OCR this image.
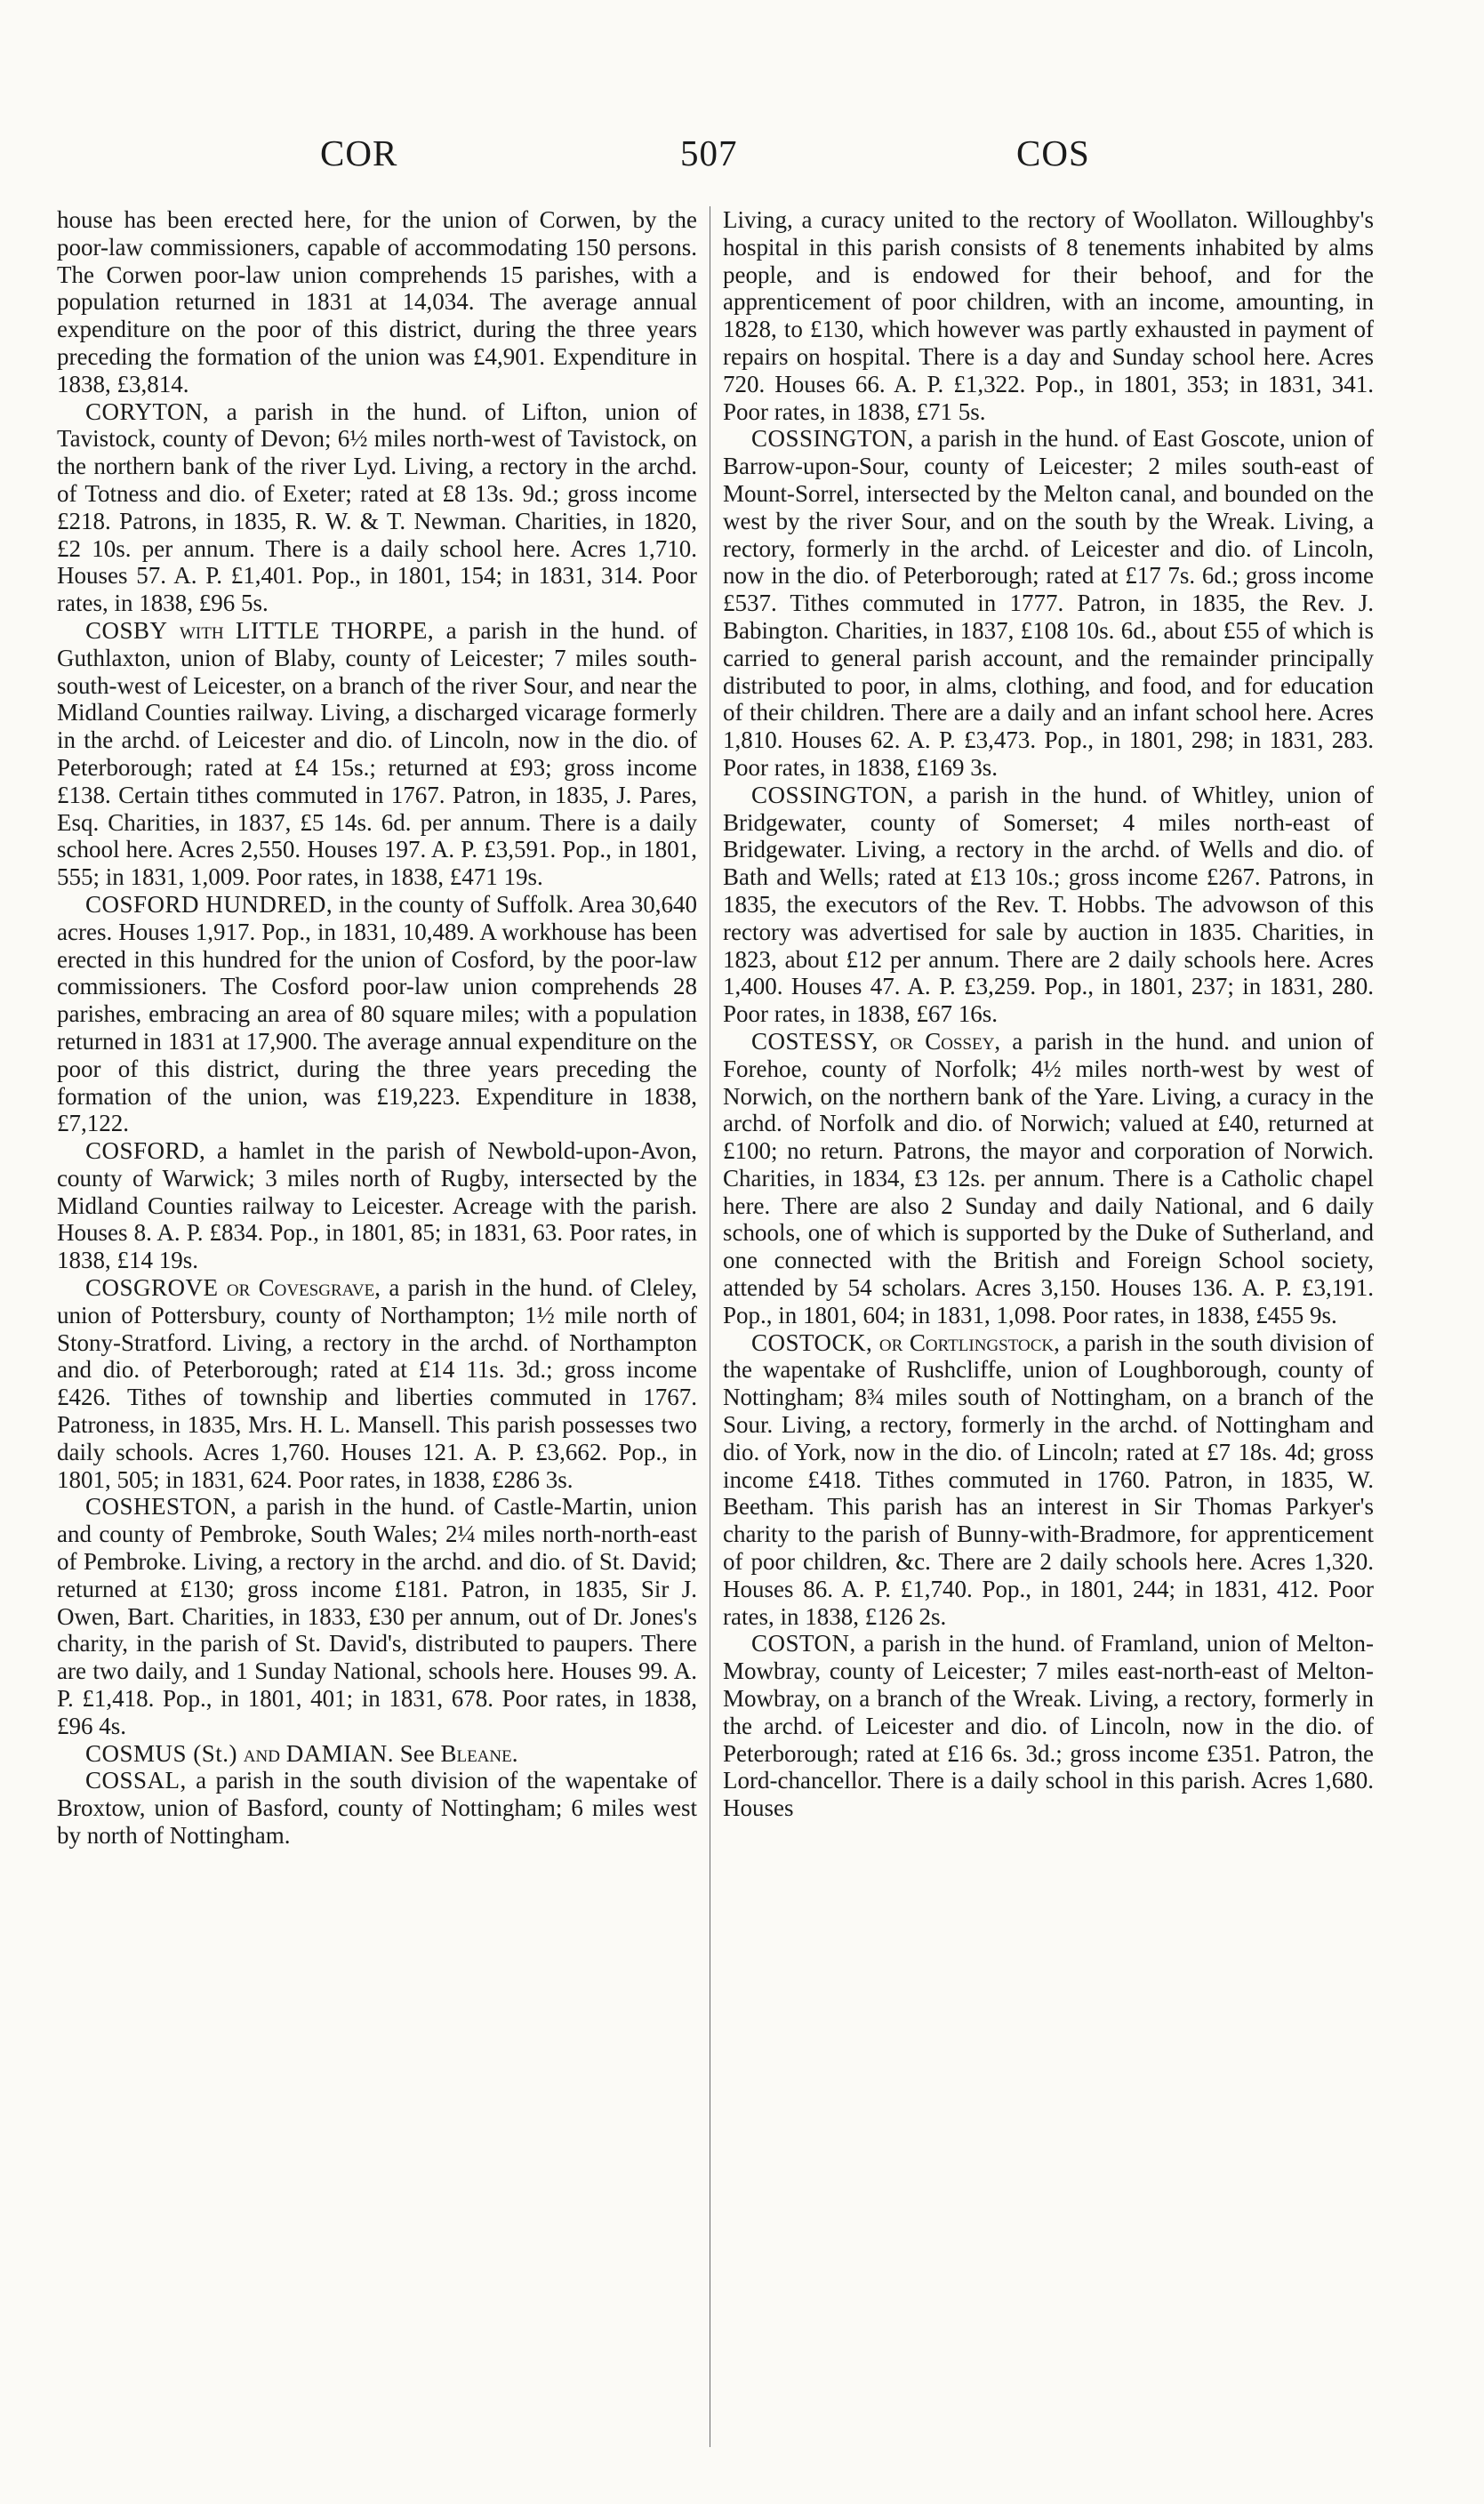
COR	507	COS

house has been erected here, for the union of Corwen, by the poor-law commissioners, capable of accommodating 150 persons. The Corwen poor-law union comprehends 15 parishes, with a population returned in 1831 at 14,034. The average annual expenditure on the poor of this district, during the three years preceding the formation of the union was £4,901. Expenditure in 1838, £3,814.

CORYTON, a parish in the hund. of Lifton, union of Tavistock, county of Devon; 6½ miles north-west of Tavistock, on the northern bank of the river Lyd. Living, a rectory in the archd. of Totness and dio. of Exeter; rated at £8 13s. 9d.; gross income £218. Patrons, in 1835, R. W. & T. Newman. Charities, in 1820, £2 10s. per annum. There is a daily school here. Acres 1,710. Houses 57. A. P. £1,401. Pop., in 1801, 154; in 1831, 314. Poor rates, in 1838, £96 5s.

COSBY with LITTLE THORPE, a parish in the hund. of Guthlaxton, union of Blaby, county of Leicester; 7 miles south-south-west of Leicester, on a branch of the river Sour, and near the Midland Counties railway. Living, a discharged vicarage formerly in the archd. of Leicester and dio. of Lincoln, now in the dio. of Peterborough; rated at £4 15s.; returned at £93; gross income £138. Certain tithes commuted in 1767. Patron, in 1835, J. Pares, Esq. Charities, in 1837, £5 14s. 6d. per annum. There is a daily school here. Acres 2,550. Houses 197. A. P. £3,591. Pop., in 1801, 555; in 1831, 1,009. Poor rates, in 1838, £471 19s.

COSFORD HUNDRED, in the county of Suffolk. Area 30,640 acres. Houses 1,917. Pop., in 1831, 10,489. A workhouse has been erected in this hundred for the union of Cosford, by the poor-law commissioners. The Cosford poor-law union comprehends 28 parishes, embracing an area of 80 square miles; with a population returned in 1831 at 17,900. The average annual expenditure on the poor of this district, during the three years preceding the formation of the union, was £19,223. Expenditure in 1838, £7,122.

COSFORD, a hamlet in the parish of Newbold-upon-Avon, county of Warwick; 3 miles north of Rugby, intersected by the Midland Counties railway to Leicester. Acreage with the parish. Houses 8. A. P. £834. Pop., in 1801, 85; in 1831, 63. Poor rates, in 1838, £14 19s.

COSGROVE or Covesgrave, a parish in the hund. of Cleley, union of Pottersbury, county of Northampton; 1½ mile north of Stony-Stratford. Living, a rectory in the archd. of Northampton and dio. of Peterborough; rated at £14 11s. 3d.; gross income £426. Tithes of township and liberties commuted in 1767. Patroness, in 1835, Mrs. H. L. Mansell. This parish possesses two daily schools. Acres 1,760. Houses 121. A. P. £3,662. Pop., in 1801, 505; in 1831, 624. Poor rates, in 1838, £286 3s.

COSHESTON, a parish in the hund. of Castle-Martin, union and county of Pembroke, South Wales; 2¼ miles north-north-east of Pembroke. Living, a rectory in the archd. and dio. of St. David; returned at £130; gross income £181. Patron, in 1835, Sir J. Owen, Bart. Charities, in 1833, £30 per annum, out of Dr. Jones's charity, in the parish of St. David's, distributed to paupers. There are two daily, and 1 Sunday National, schools here. Houses 99. A. P. £1,418. Pop., in 1801, 401; in 1831, 678. Poor rates, in 1838, £96 4s.

COSMUS (St.) and DAMIAN. See Bleane.

COSSAL, a parish in the south division of the wapentake of Broxtow, union of Basford, county of Nottingham; 6 miles west by north of Nottingham.

Living, a curacy united to the rectory of Woollaton. Willoughby's hospital in this parish consists of 8 tenements inhabited by alms people, and is endowed for their behoof, and for the apprenticement of poor children, with an income, amounting, in 1828, to £130, which however was partly exhausted in payment of repairs on hospital. There is a day and Sunday school here. Acres 720. Houses 66. A. P. £1,322. Pop., in 1801, 353; in 1831, 341. Poor rates, in 1838, £71 5s.

COSSINGTON, a parish in the hund. of East Goscote, union of Barrow-upon-Sour, county of Leicester; 2 miles south-east of Mount-Sorrel, intersected by the Melton canal, and bounded on the west by the river Sour, and on the south by the Wreak. Living, a rectory, formerly in the archd. of Leicester and dio. of Lincoln, now in the dio. of Peterborough; rated at £17 7s. 6d.; gross income £537. Tithes commuted in 1777. Patron, in 1835, the Rev. J. Babington. Charities, in 1837, £108 10s. 6d., about £55 of which is carried to general parish account, and the remainder principally distributed to poor, in alms, clothing, and food, and for education of their children. There are a daily and an infant school here. Acres 1,810. Houses 62. A. P. £3,473. Pop., in 1801, 298; in 1831, 283. Poor rates, in 1838, £169 3s.

COSSINGTON, a parish in the hund. of Whitley, union of Bridgewater, county of Somerset; 4 miles north-east of Bridgewater. Living, a rectory in the archd. of Wells and dio. of Bath and Wells; rated at £13 10s.; gross income £267. Patrons, in 1835, the executors of the Rev. T. Hobbs. The advowson of this rectory was advertised for sale by auction in 1835. Charities, in 1823, about £12 per annum. There are 2 daily schools here. Acres 1,400. Houses 47. A. P. £3,259. Pop., in 1801, 237; in 1831, 280. Poor rates, in 1838, £67 16s.

COSTESSY, or Cossey, a parish in the hund. and union of Forehoe, county of Norfolk; 4½ miles north-west by west of Norwich, on the northern bank of the Yare. Living, a curacy in the archd. of Norfolk and dio. of Norwich; valued at £40, returned at £100; no return. Patrons, the mayor and corporation of Norwich. Charities, in 1834, £3 12s. per annum. There is a Catholic chapel here. There are also 2 Sunday and daily National, and 6 daily schools, one of which is supported by the Duke of Sutherland, and one connected with the British and Foreign School society, attended by 54 scholars. Acres 3,150. Houses 136. A. P. £3,191. Pop., in 1801, 604; in 1831, 1,098. Poor rates, in 1838, £455 9s.

COSTOCK, or Cortlingstock, a parish in the south division of the wapentake of Rushcliffe, union of Loughborough, county of Nottingham; 8¾ miles south of Nottingham, on a branch of the Sour. Living, a rectory, formerly in the archd. of Nottingham and dio. of York, now in the dio. of Lincoln; rated at £7 18s. 4d; gross income £418. Tithes commuted in 1760. Patron, in 1835, W. Beetham. This parish has an interest in Sir Thomas Parkyer's charity to the parish of Bunny-with-Bradmore, for apprenticement of poor children, &c. There are 2 daily schools here. Acres 1,320. Houses 86. A. P. £1,740. Pop., in 1801, 244; in 1831, 412. Poor rates, in 1838, £126 2s.

COSTON, a parish in the hund. of Framland, union of Melton-Mowbray, county of Leicester; 7 miles east-north-east of Melton-Mowbray, on a branch of the Wreak. Living, a rectory, formerly in the archd. of Leicester and dio. of Lincoln, now in the dio. of Peterborough; rated at £16 6s. 3d.; gross income £351. Patron, the Lord-chancellor. There is a daily school in this parish. Acres 1,680. Houses
